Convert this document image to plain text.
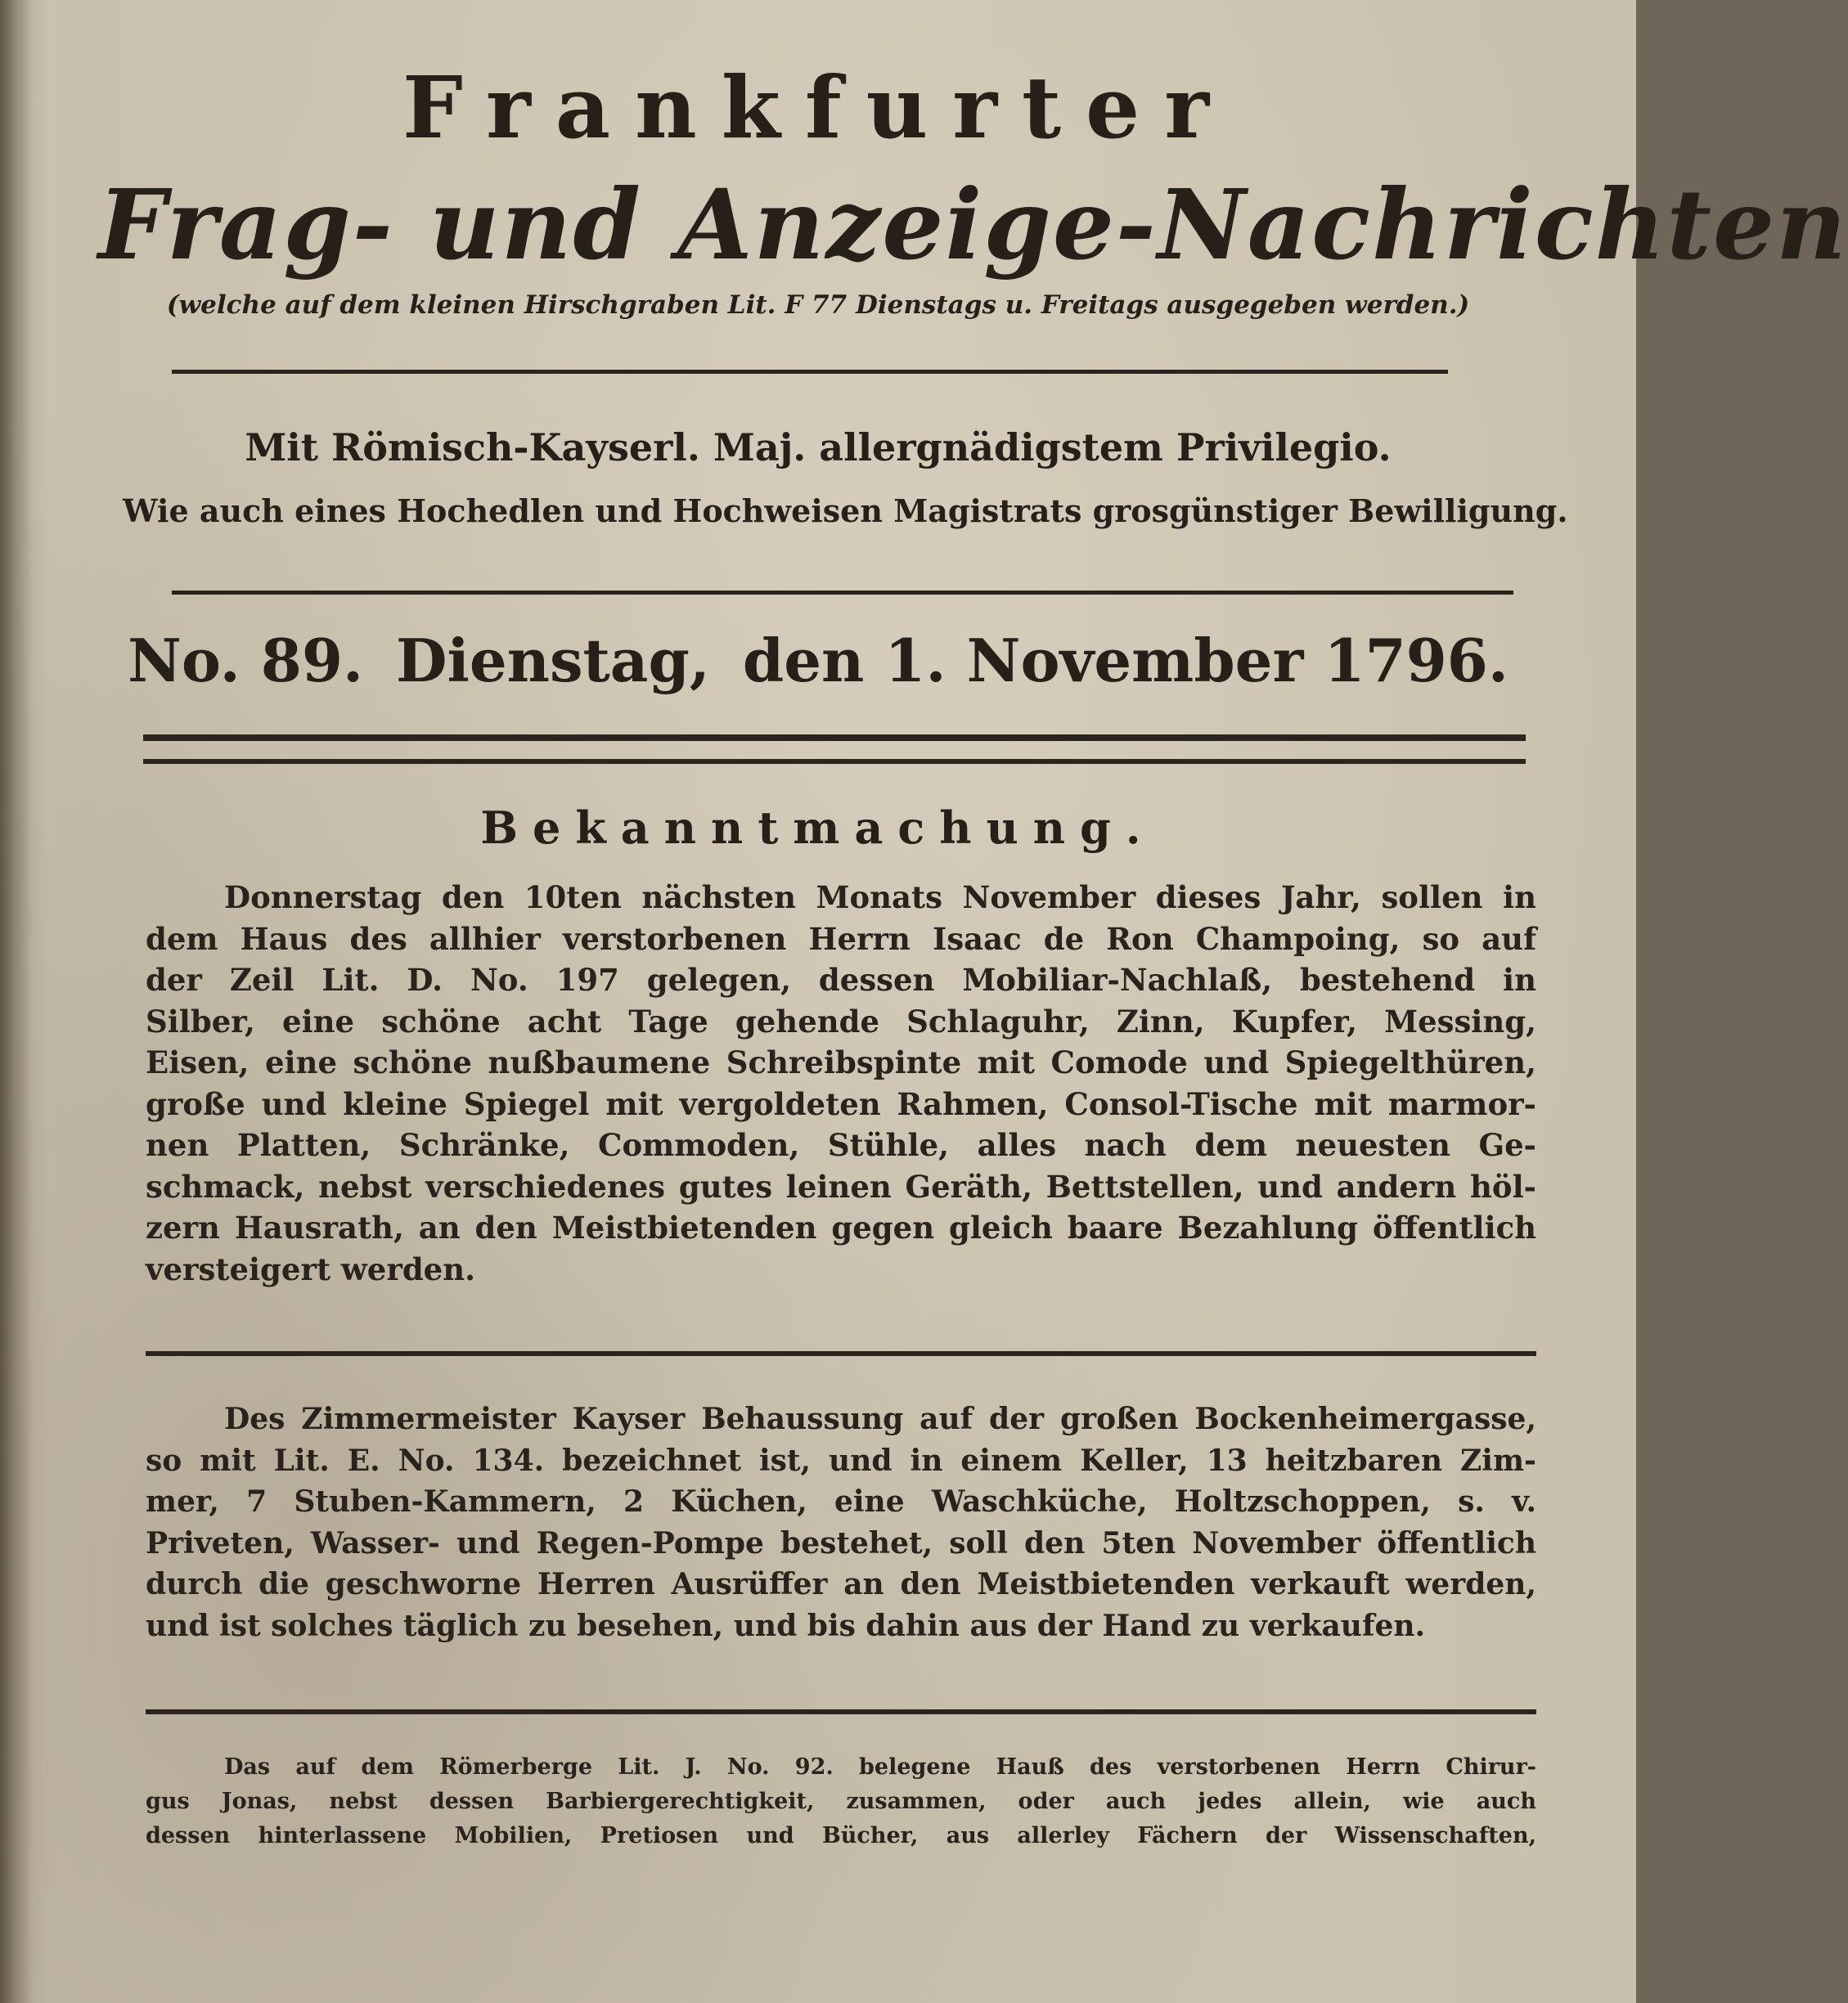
Frankfurter
Frag- und Anzeige-Nachrichten
(welche auf dem kleinen Hirschgraben Lit. F 77 Dienstags u. Freitags ausgegeben werden.)
Mit Römisch-Kayserl. Maj. allergnädigstem Privilegio.
Wie auch eines Hochedlen und Hochweisen Magistrats grosgünstiger Bewilligung.
No. 89. Dienstag, den 1. November 1796.
Bekanntmachung.
Donnerstag den 10ten nächsten Monats November dieses Jahr, sollen in
dem Haus des allhier verstorbenen Herrn Isaac de Ron Champoing, so auf
der Zeil Lit. D. No. 197 gelegen, dessen Mobiliar-Nachlaß, bestehend in
Silber, eine schöne acht Tage gehende Schlaguhr, Zinn, Kupfer, Messing,
Eisen, eine schöne nußbaumene Schreibspinte mit Comode und Spiegelthüren,
große und kleine Spiegel mit vergoldeten Rahmen, Consol-Tische mit marmor-
nen Platten, Schränke, Commoden, Stühle, alles nach dem neuesten Ge-
schmack, nebst verschiedenes gutes leinen Geräth, Bettstellen, und andern höl-
zern Hausrath, an den Meistbietenden gegen gleich baare Bezahlung öffentlich
versteigert werden.
Des Zimmermeister Kayser Behaussung auf der großen Bockenheimergasse,
so mit Lit. E. No. 134. bezeichnet ist, und in einem Keller, 13 heitzbaren Zim-
mer, 7 Stuben-Kammern, 2 Küchen, eine Waschküche, Holtzschoppen, s. v.
Priveten, Wasser- und Regen-Pompe bestehet, soll den 5ten November öffentlich
durch die geschworne Herren Ausrüffer an den Meistbietenden verkauft werden,
und ist solches täglich zu besehen, und bis dahin aus der Hand zu verkaufen.
Das auf dem Römerberge Lit. J. No. 92. belegene Hauß des verstorbenen Herrn Chirur-
gus Jonas, nebst dessen Barbiergerechtigkeit, zusammen, oder auch jedes allein, wie auch
dessen hinterlassene Mobilien, Pretiosen und Bücher, aus allerley Fächern der Wissenschaften,
